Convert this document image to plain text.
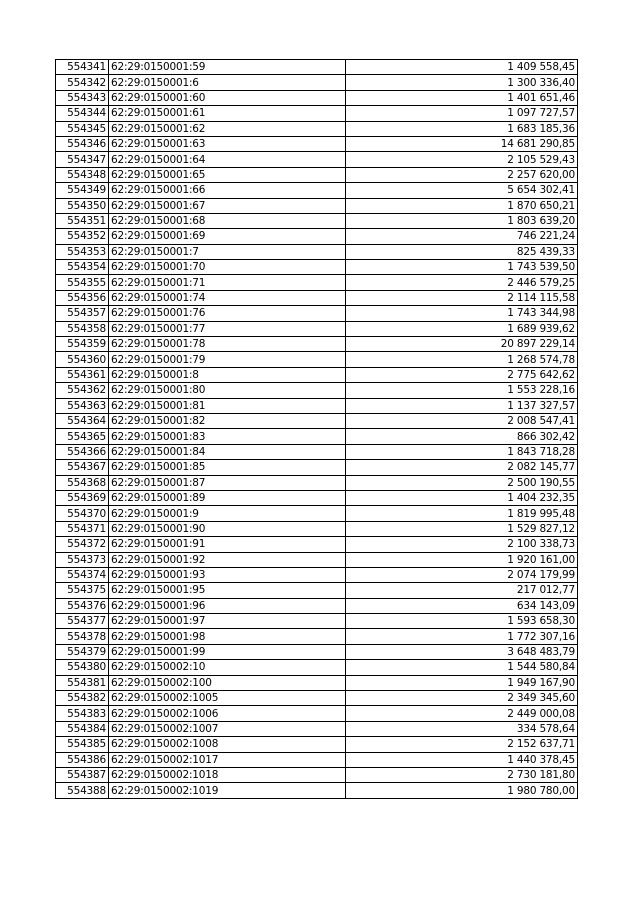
554341	62:29:0150001:59	1 409 558,45
554342	62:29:0150001:6	1 300 336,40
554343	62:29:0150001:60	1 401 651,46
554344	62:29:0150001:61	1 097 727,57
554345	62:29:0150001:62	1 683 185,36
554346	62:29:0150001:63	14 681 290,85
554347	62:29:0150001:64	2 105 529,43
554348	62:29:0150001:65	2 257 620,00
554349	62:29:0150001:66	5 654 302,41
554350	62:29:0150001:67	1 870 650,21
554351	62:29:0150001:68	1 803 639,20
554352	62:29:0150001:69	746 221,24
554353	62:29:0150001:7	825 439,33
554354	62:29:0150001:70	1 743 539,50
554355	62:29:0150001:71	2 446 579,25
554356	62:29:0150001:74	2 114 115,58
554357	62:29:0150001:76	1 743 344,98
554358	62:29:0150001:77	1 689 939,62
554359	62:29:0150001:78	20 897 229,14
554360	62:29:0150001:79	1 268 574,78
554361	62:29:0150001:8	2 775 642,62
554362	62:29:0150001:80	1 553 228,16
554363	62:29:0150001:81	1 137 327,57
554364	62:29:0150001:82	2 008 547,41
554365	62:29:0150001:83	866 302,42
554366	62:29:0150001:84	1 843 718,28
554367	62:29:0150001:85	2 082 145,77
554368	62:29:0150001:87	2 500 190,55
554369	62:29:0150001:89	1 404 232,35
554370	62:29:0150001:9	1 819 995,48
554371	62:29:0150001:90	1 529 827,12
554372	62:29:0150001:91	2 100 338,73
554373	62:29:0150001:92	1 920 161,00
554374	62:29:0150001:93	2 074 179,99
554375	62:29:0150001:95	217 012,77
554376	62:29:0150001:96	634 143,09
554377	62:29:0150001:97	1 593 658,30
554378	62:29:0150001:98	1 772 307,16
554379	62:29:0150001:99	3 648 483,79
554380	62:29:0150002:10	1 544 580,84
554381	62:29:0150002:100	1 949 167,90
554382	62:29:0150002:1005	2 349 345,60
554383	62:29:0150002:1006	2 449 000,08
554384	62:29:0150002:1007	334 578,64
554385	62:29:0150002:1008	2 152 637,71
554386	62:29:0150002:1017	1 440 378,45
554387	62:29:0150002:1018	2 730 181,80
554388	62:29:0150002:1019	1 980 780,00
